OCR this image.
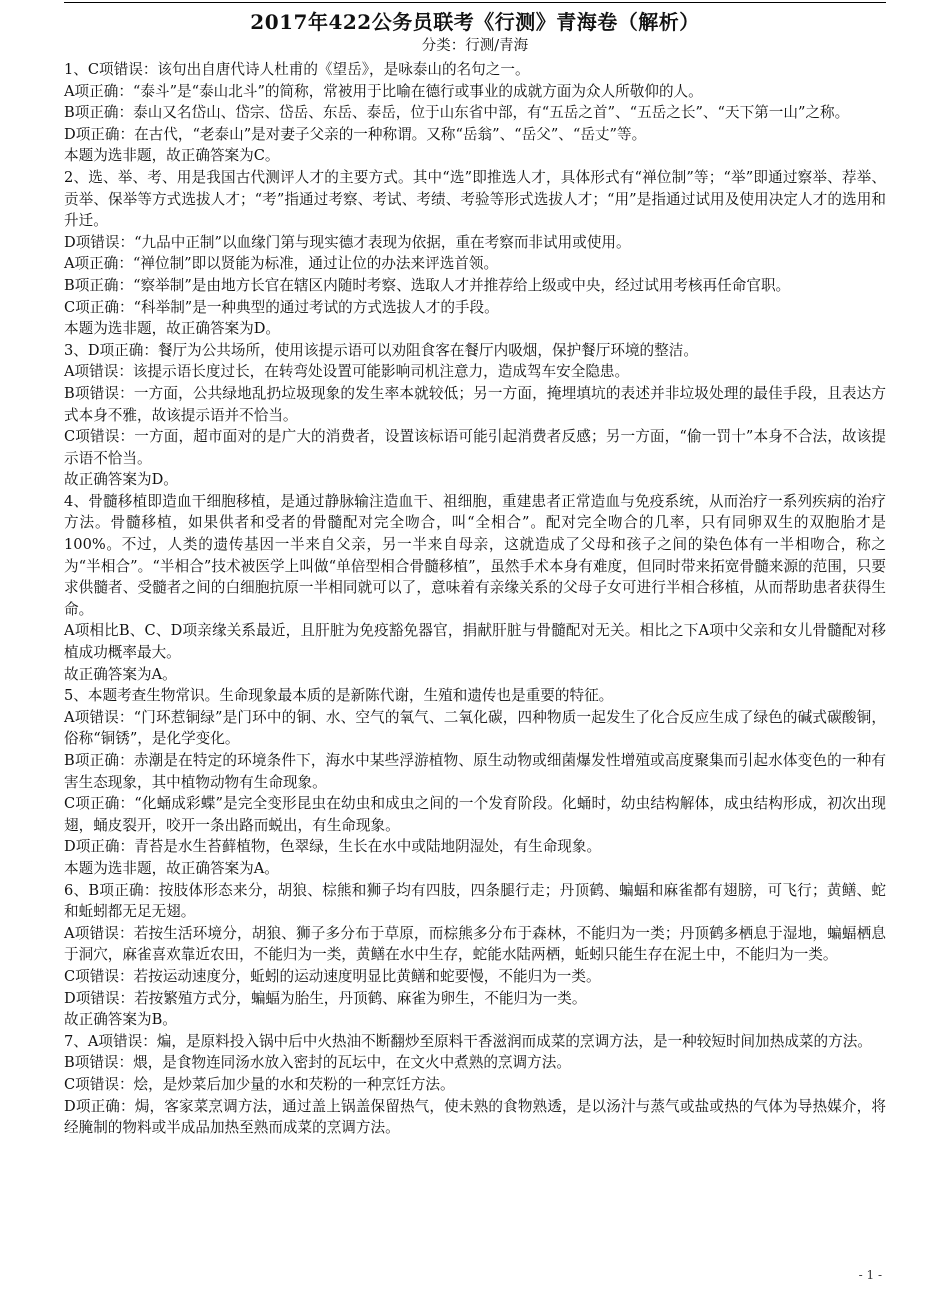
2017年422公务员联考《行测》青海卷（解析）
分类：行测/青海

1、C项错误：该句出自唐代诗人杜甫的《望岳》，是咏泰山的名句之一。

A项正确：“泰斗”是“泰山北斗”的简称，常被用于比喻在德行或事业的成就方面为众人所敬仰的人。

B项正确：泰山又名岱山、岱宗、岱岳、东岳、泰岳，位于山东省中部，有“五岳之首”、“五岳之长”、“天下第一山”之称。

D项正确：在古代，“老泰山”是对妻子父亲的一种称谓。又称“岳翁”、“岳父”、“岳丈”等。

本题为选非题，故正确答案为C。

2、选、举、考、用是我国古代测评人才的主要方式。其中“选”即推选人才，具体形式有“禅位制”等；“举”即通过察举、荐举、贡举、保举等方式选拔人才；“考”指通过考察、考试、考绩、考验等形式选拔人才；“用”是指通过试用及使用决定人才的选用和升迁。

D项错误：“九品中正制”以血缘门第与现实德才表现为依据，重在考察而非试用或使用。

A项正确：“禅位制”即以贤能为标准，通过让位的办法来评选首领。

B项正确：“察举制”是由地方长官在辖区内随时考察、选取人才并推荐给上级或中央，经过试用考核再任命官职。

C项正确：“科举制”是一种典型的通过考试的方式选拔人才的手段。

本题为选非题，故正确答案为D。

3、D项正确：餐厅为公共场所，使用该提示语可以劝阻食客在餐厅内吸烟，保护餐厅环境的整洁。

A项错误：该提示语长度过长，在转弯处设置可能影响司机注意力，造成驾车安全隐患。

B项错误：一方面，公共绿地乱扔垃圾现象的发生率本就较低；另一方面，掩埋填坑的表述并非垃圾处理的最佳手段，且表达方式本身不雅，故该提示语并不恰当。

C项错误：一方面，超市面对的是广大的消费者，设置该标语可能引起消费者反感；另一方面，“偷一罚十”本身不合法，故该提示语不恰当。

故正确答案为D。

4、骨髓移植即造血干细胞移植，是通过静脉输注造血干、祖细胞，重建患者正常造血与免疫系统，从而治疗一系列疾病的治疗方法。骨髓移植，如果供者和受者的骨髓配对完全吻合，叫“全相合”。配对完全吻合的几率，只有同卵双生的双胞胎才是100%。不过，人类的遗传基因一半来自父亲，另一半来自母亲，这就造成了父母和孩子之间的染色体有一半相吻合，称之为“半相合”。“半相合”技术被医学上叫做“单倍型相合骨髓移植”，虽然手术本身有难度，但同时带来拓宽骨髓来源的范围，只要求供髓者、受髓者之间的白细胞抗原一半相同就可以了，意味着有亲缘关系的父母子女可进行半相合移植，从而帮助患者获得生命。

A项相比B、C、D项亲缘关系最近，且肝脏为免疫豁免器官，捐献肝脏与骨髓配对无关。相比之下A项中父亲和女儿骨髓配对移植成功概率最大。

故正确答案为A。

5、本题考查生物常识。生命现象最本质的是新陈代谢，生殖和遗传也是重要的特征。

A项错误：“门环惹铜绿”是门环中的铜、水、空气的氧气、二氧化碳，四种物质一起发生了化合反应生成了绿色的碱式碳酸铜，俗称“铜锈”，是化学变化。

B项正确：赤潮是在特定的环境条件下，海水中某些浮游植物、原生动物或细菌爆发性增殖或高度聚集而引起水体变色的一种有害生态现象，其中植物动物有生命现象。

C项正确：“化蛹成彩蝶”是完全变形昆虫在幼虫和成虫之间的一个发育阶段。化蛹时，幼虫结构解体，成虫结构形成，初次出现翅，蛹皮裂开，咬开一条出路而蜕出，有生命现象。

D项正确：青苔是水生苔藓植物，色翠绿，生长在水中或陆地阴湿处，有生命现象。

本题为选非题，故正确答案为A。

6、B项正确：按肢体形态来分，胡狼、棕熊和狮子均有四肢，四条腿行走；丹顶鹤、蝙蝠和麻雀都有翅膀，可飞行；黄鳝、蛇和蚯蚓都无足无翅。

A项错误：若按生活环境分，胡狼、狮子多分布于草原，而棕熊多分布于森林，不能归为一类；丹顶鹤多栖息于湿地，蝙蝠栖息于洞穴，麻雀喜欢靠近农田，不能归为一类，黄鳝在水中生存，蛇能水陆两栖，蚯蚓只能生存在泥土中，不能归为一类。

C项错误：若按运动速度分，蚯蚓的运动速度明显比黄鳝和蛇要慢，不能归为一类。

D项错误：若按繁殖方式分，蝙蝠为胎生，丹顶鹤、麻雀为卵生，不能归为一类。

故正确答案为B。

7、A项错误：煸，是原料投入锅中后中火热油不断翻炒至原料干香滋润而成菜的烹调方法，是一种较短时间加热成菜的方法。

B项错误：煨，是食物连同汤水放入密封的瓦坛中，在文火中煮熟的烹调方法。

C项错误：烩，是炒菜后加少量的水和芡粉的一种烹饪方法。

D项正确：焗，客家菜烹调方法，通过盖上锅盖保留热气，使未熟的食物熟透，是以汤汁与蒸气或盐或热的气体为导热媒介，将经腌制的物料或半成品加热至熟而成菜的烹调方法。

- 1 -
